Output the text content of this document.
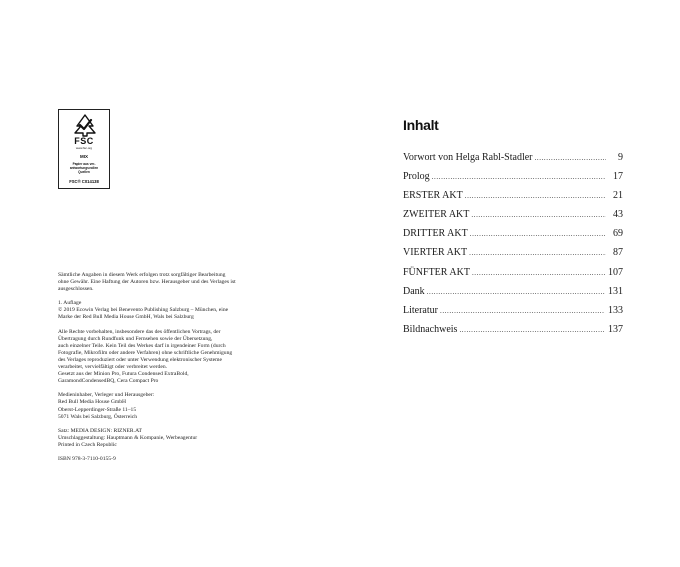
FSC
www.fsc.org
MIX
Papier aus ver-
antwortungsvollen
Quellen
FSC® C014138

Sämtliche Angaben in diesem Werk erfolgen trotz sorgfältiger Bearbeitung
ohne Gewähr. Eine Haftung der Autoren bzw. Herausgeber und des Verlages ist
ausgeschlossen.

1. Auflage
© 2019 Ecowin Verlag bei Benevento Publishing Salzburg – München, eine
Marke der Red Bull Media House GmbH, Wals bei Salzburg

Alle Rechte vorbehalten, insbesondere das des öffentlichen Vortrags, der
Übertragung durch Rundfunk und Fernsehen sowie der Übersetzung,
auch einzelner Teile. Kein Teil des Werkes darf in irgendeiner Form (durch
Fotografie, Mikrofilm oder andere Verfahren) ohne schriftliche Genehmigung
des Verlages reproduziert oder unter Verwendung elektronischer Systeme
verarbeitet, vervielfältigt oder verbreitet werden.
Gesetzt aus der Minion Pro, Futura Condensed ExtraBold,
GaramondCondensedBQ, Cera Compact Pro

Medieninhaber, Verleger und Herausgeber:
Red Bull Media House GmbH
Oberst-Lepperdinger-Straße 11–15
5071 Wals bei Salzburg, Österreich

Satz: MEDIA DESIGN: RIZNER.AT
Umschlaggestaltung: Hauptmann & Kompanie, Werbeagentur
Printed in Czech Republic

ISBN 978-3-7110-0155-9

Inhalt
Vorwort von Helga Rabl-Stadler .....	9
Prolog .....	17
ERSTER AKT .....	21
ZWEITER AKT .....	43
DRITTER AKT .....	69
VIERTER AKT .....	87
FÜNFTER AKT .....	107
Dank .....	131
Literatur .....	133
Bildnachweis .....	137
